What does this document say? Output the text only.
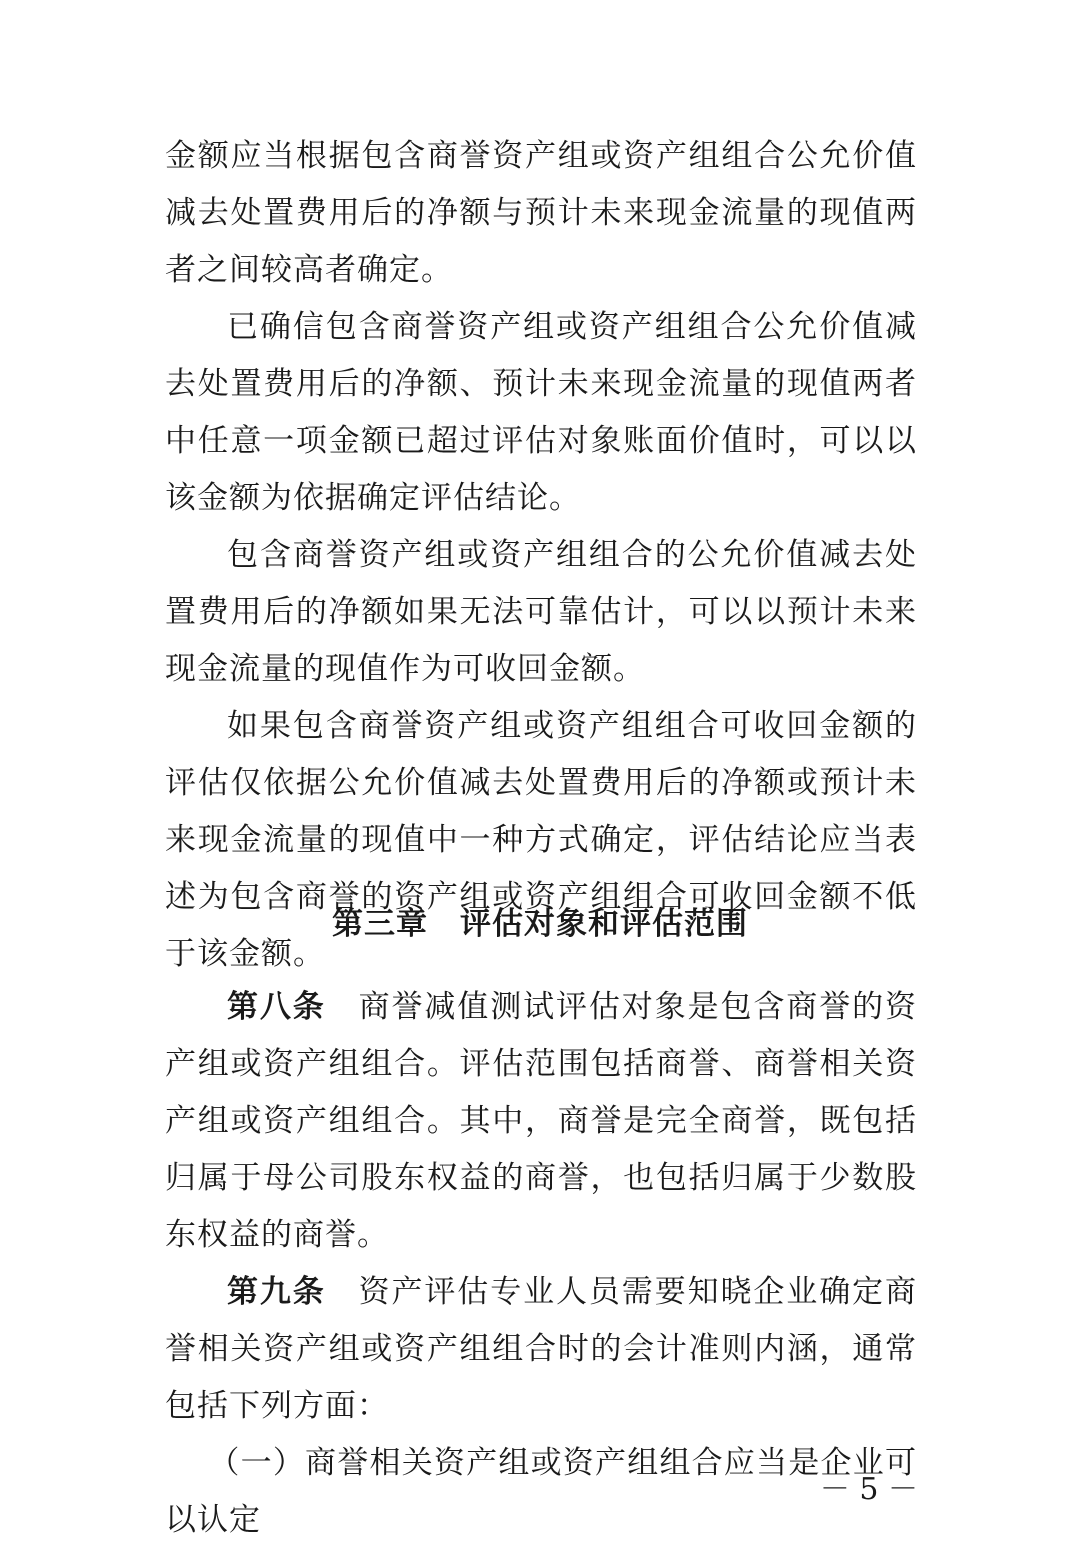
金额应当根据包含商誉资产组或资产组组合公允价值减去处置费用后的净额与预计未来现金流量的现值两者之间较高者确定。

已确信包含商誉资产组或资产组组合公允价值减去处置费用后的净额、预计未来现金流量的现值两者中任意一项金额已超过评估对象账面价值时，可以以该金额为依据确定评估结论。

包含商誉资产组或资产组组合的公允价值减去处置费用后的净额如果无法可靠估计，可以以预计未来现金流量的现值作为可收回金额。

如果包含商誉资产组或资产组组合可收回金额的评估仅依据公允价值减去处置费用后的净额或预计未来现金流量的现值中一种方式确定，评估结论应当表述为包含商誉的资产组或资产组组合可收回金额不低于该金额。

第三章　评估对象和评估范围

第八条　 商誉减值测试评估对象是包含商誉的资产组或资产组组合。评估范围包括商誉、商誉相关资产组或资产组组合。其中，商誉是完全商誉，既包括归属于母公司股东权益的商誉，也包括归属于少数股东权益的商誉。

第九条　 资产评估专业人员需要知晓企业确定商誉相关资产组或资产组组合时的会计准则内涵，通常包括下列方面：

（一）商誉相关资产组或资产组组合应当是企业可以认定

－ 5 －
